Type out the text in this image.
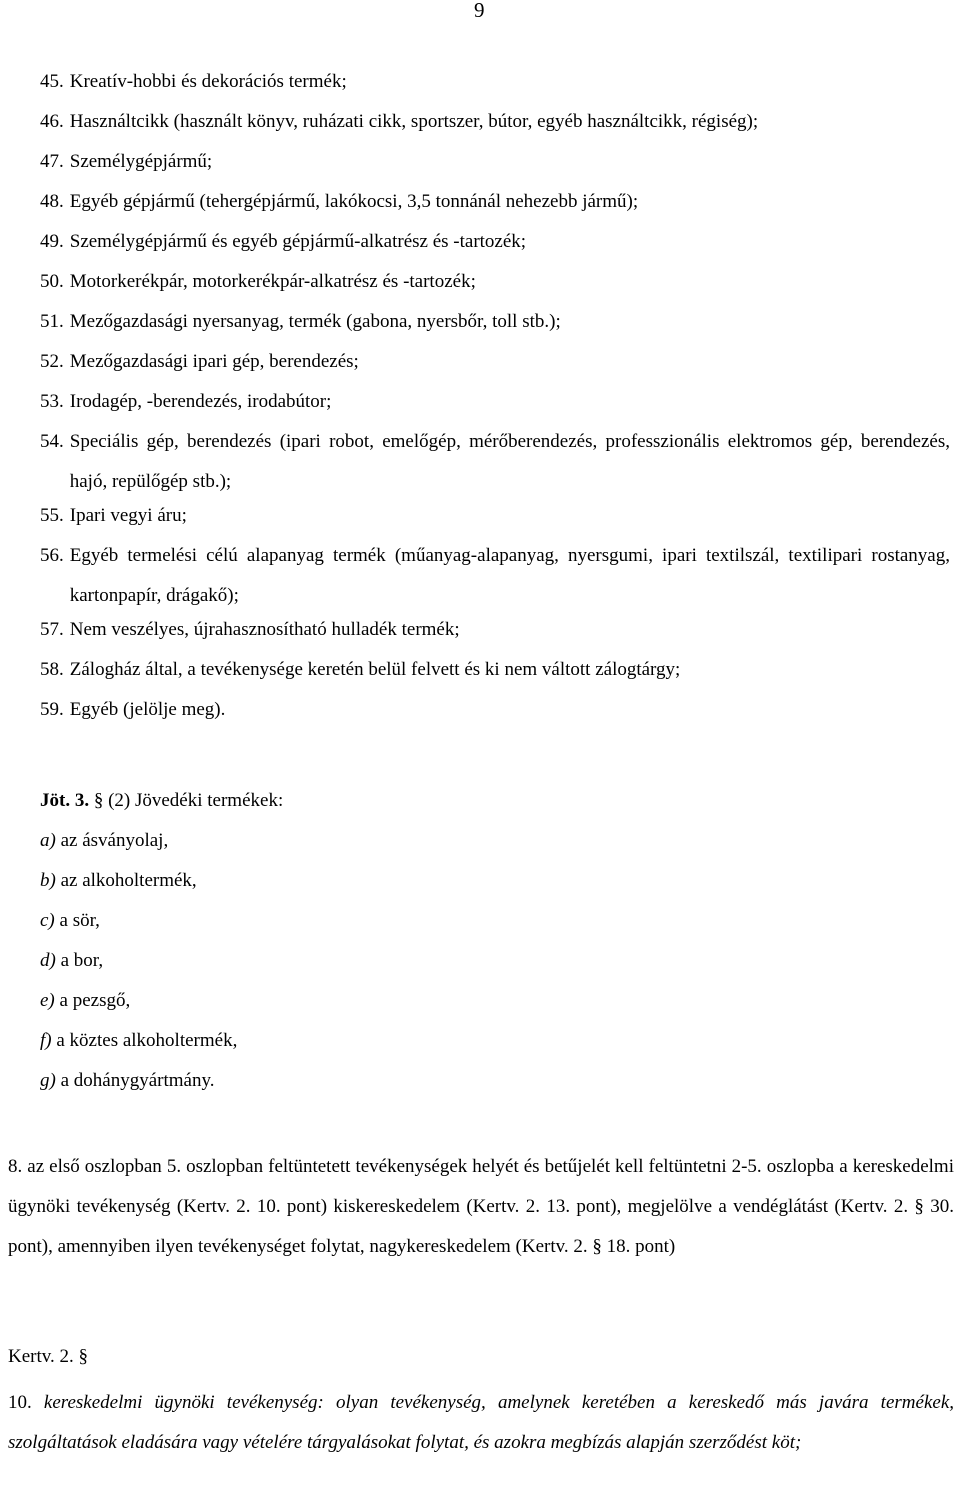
9
45. Kreatív-hobbi és dekorációs termék;
46. Használtcikk (használt könyv, ruházati cikk, sportszer, bútor, egyéb használtcikk, régiség);
47. Személygépjármű;
48. Egyéb gépjármű (tehergépjármű, lakókocsi, 3,5 tonnánál nehezebb jármű);
49. Személygépjármű és egyéb gépjármű-alkatrész és -tartozék;
50. Motorkerékpár, motorkerékpár-alkatrész és -tartozék;
51. Mezőgazdasági nyersanyag, termék (gabona, nyersbőr, toll stb.);
52. Mezőgazdasági ipari gép, berendezés;
53. Irodagép, -berendezés, irodabútor;
54. Speciális gép, berendezés (ipari robot, emelőgép, mérőberendezés, professzionális elektromos gép, berendezés, hajó, repülőgép stb.);
55. Ipari vegyi áru;
56. Egyéb termelési célú alapanyag termék (műanyag-alapanyag, nyersgumi, ipari textilszál, textilipari rostanyag, kartonpapír, drágakő);
57. Nem veszélyes, újrahasznosítható hulladék termék;
58. Zálogház által, a tevékenysége keretén belül felvett és ki nem váltott zálogtárgy;
59. Egyéb (jelölje meg).
Jöt. 3. § (2) Jövedéki termékek:
a) az ásványolaj,
b) az alkoholtermék,
c) a sör,
d) a bor,
e) a pezsgő,
f) a köztes alkoholtermék,
g) a dohánygyártmány.
8. az első oszlopban 5. oszlopban feltüntetett tevékenységek helyét és betűjelét kell feltüntetni 2-5. oszlopba a kereskedelmi ügynöki tevékenység (Kertv. 2. 10. pont) kiskereskedelem (Kertv. 2. 13. pont), megjelölve a vendéglátást (Kertv. 2. § 30. pont), amennyiben ilyen tevékenységet folytat, nagykereskedelem (Kertv. 2. § 18. pont)
Kertv. 2. §
10. kereskedelmi ügynöki tevékenység: olyan tevékenység, amelynek keretében a kereskedő más javára termékek, szolgáltatások eladására vagy vételére tárgyalásokat folytat, és azokra megbízás alapján szerződést köt;
